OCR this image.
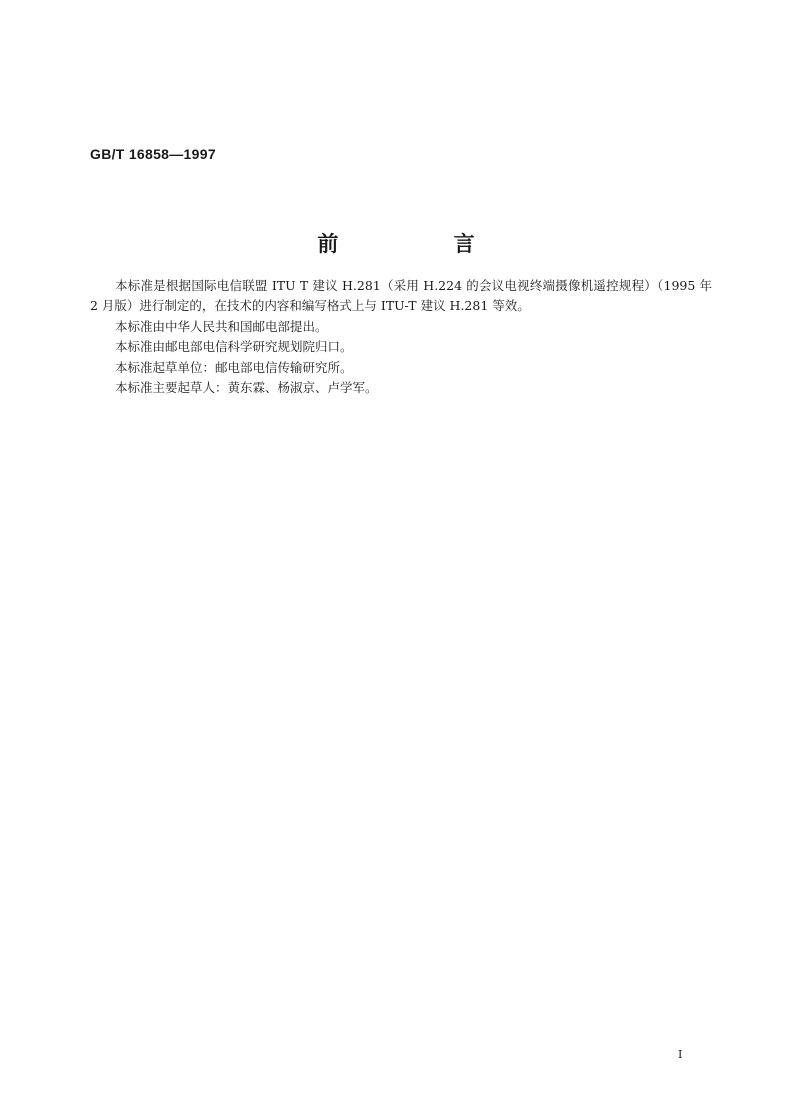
GB/T 16858—1997
前 言

本标准是根据国际电信联盟 ITU T 建议 H.281（采用 H.224 的会议电视终端摄像机遥控规程）（1995 年 2 月版）进行制定的，在技术的内容和编写格式上与 ITU-T 建议 H.281 等效。

本标准由中华人民共和国邮电部提出。

本标准由邮电部电信科学研究规划院归口。

本标准起草单位：邮电部电信传输研究所。

本标准主要起草人：黄东霖、杨淑京、卢学军。

I
